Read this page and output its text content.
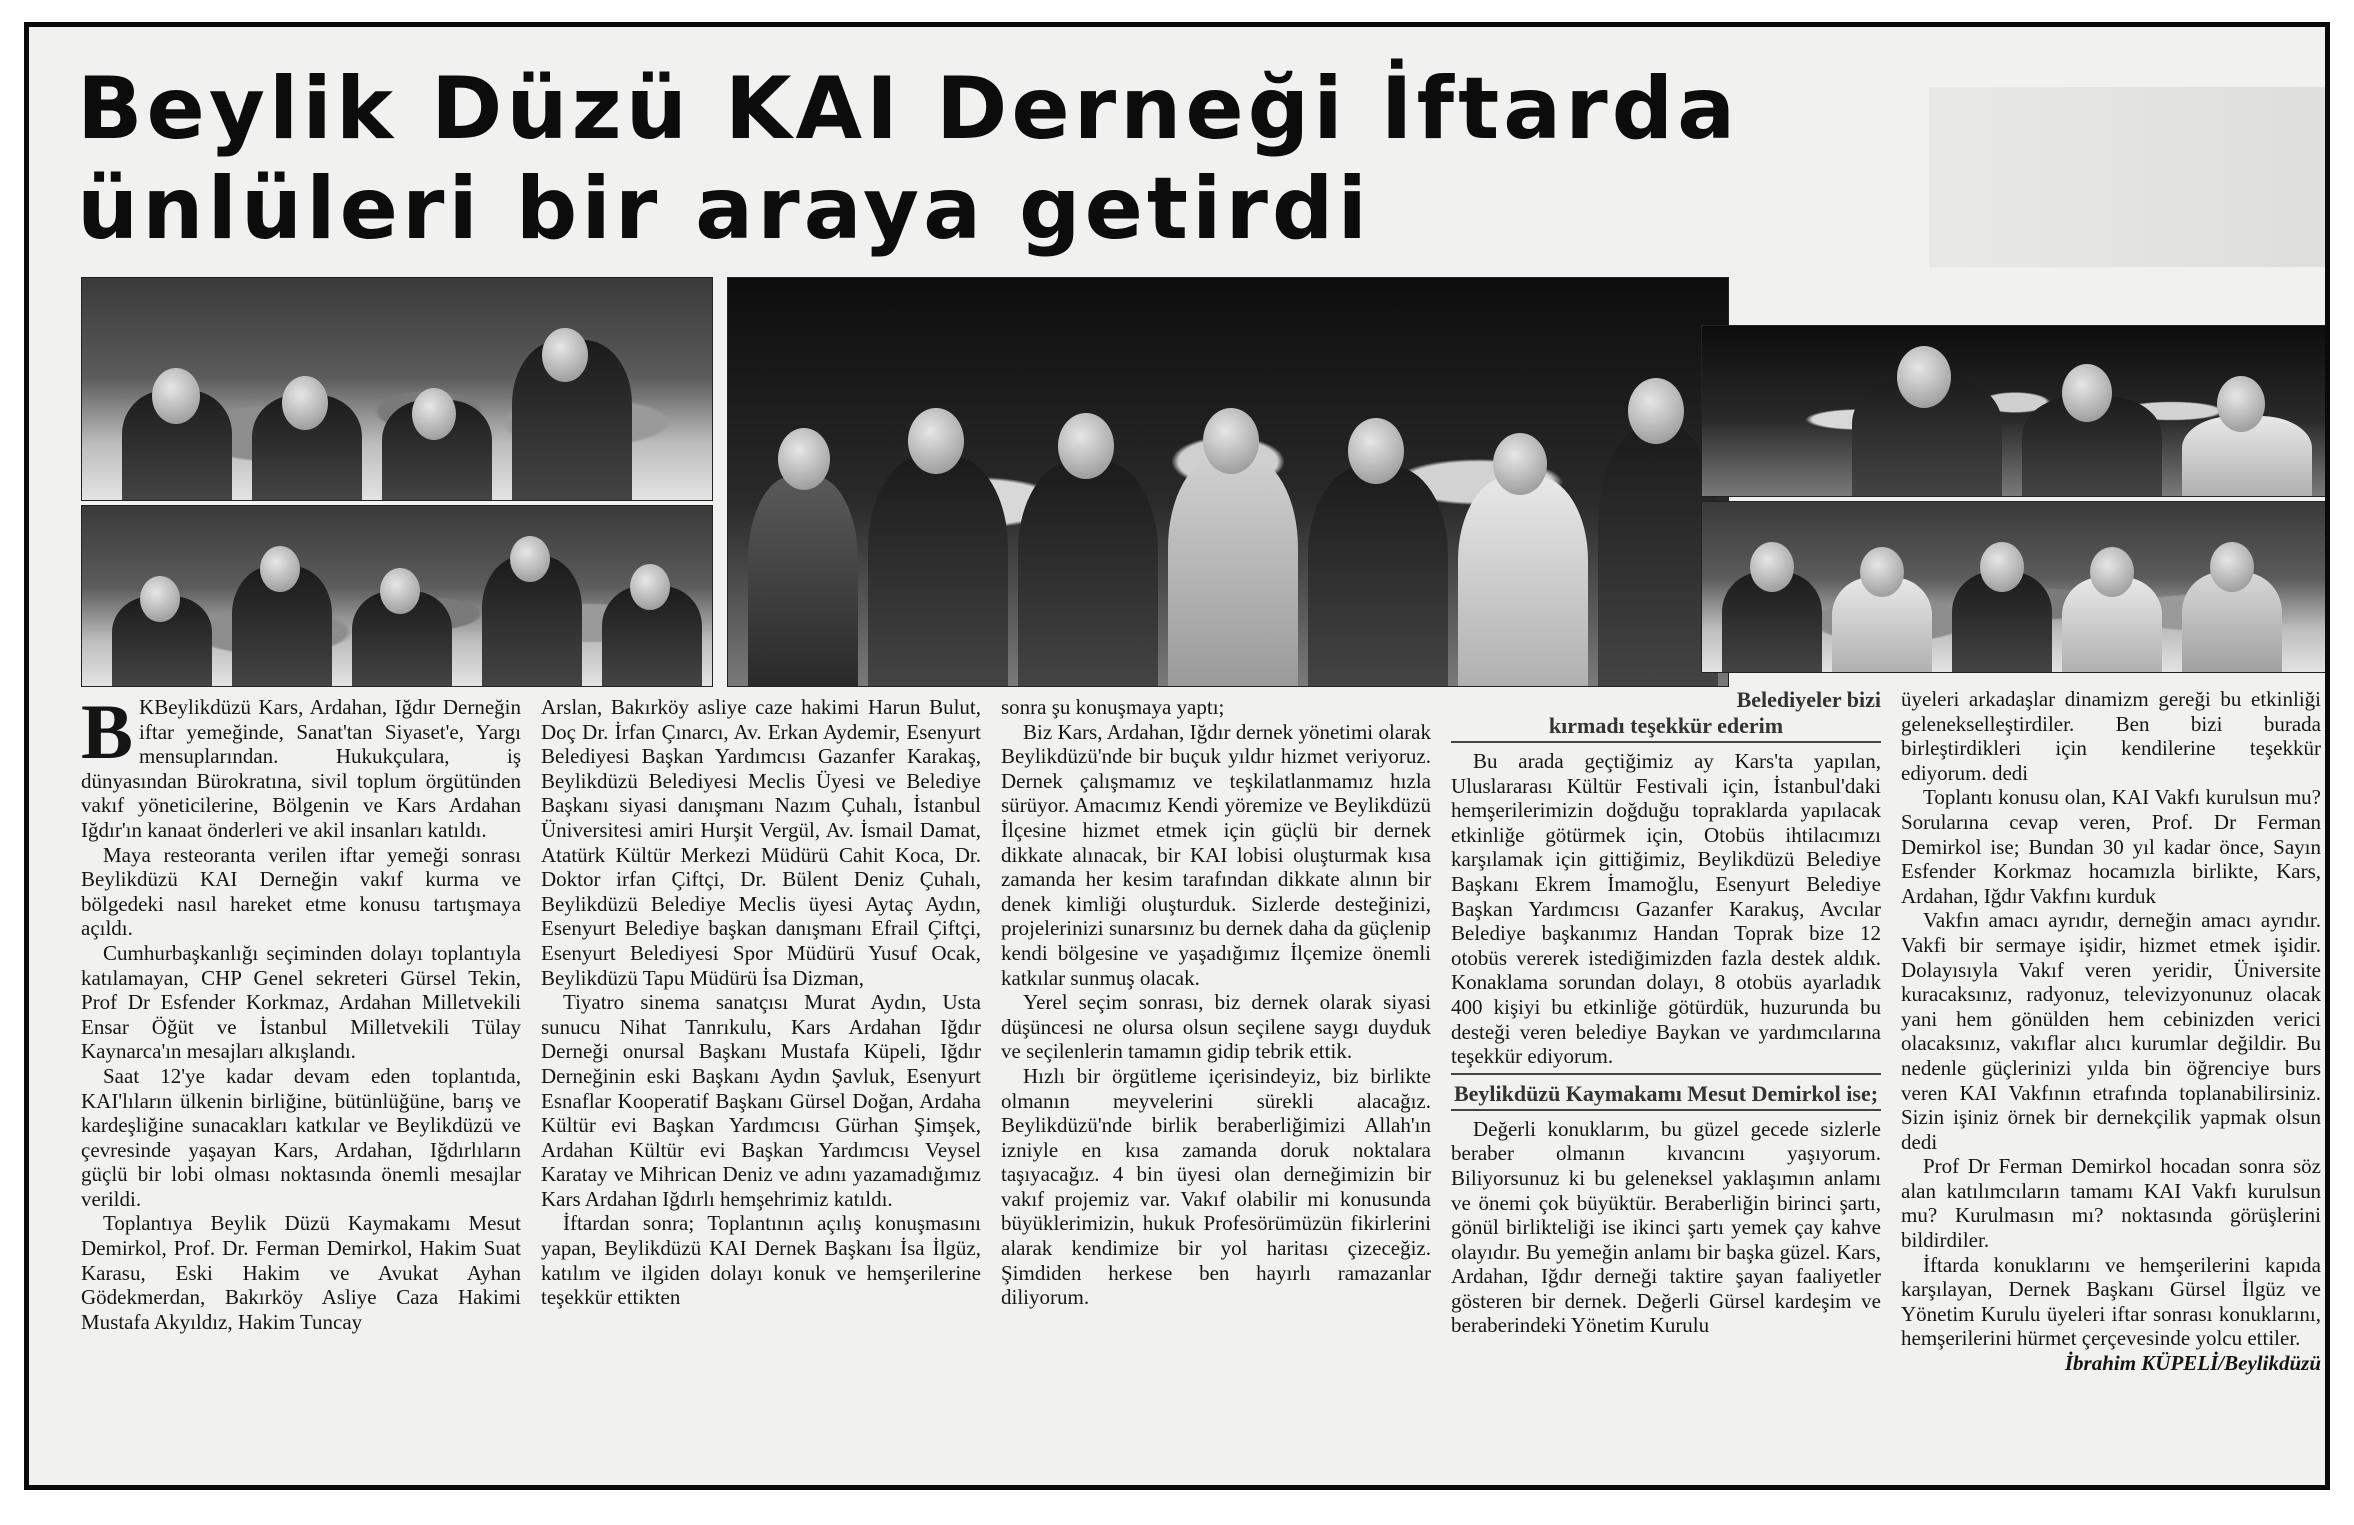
Beylik Düzü KAI Derneği İftarda
ünlüleri bir araya getirdi

B KBeylikdüzü Kars, Ardahan, Iğdır Derneğin iftar yemeğinde, Sanat'tan Siyaset'e, Yargı mensuplarından. Hukukçulara, iş dünyasından Bürokratına, sivil toplum örgütünden vakıf yöneticilerine, Bölgenin ve Kars Ardahan Iğdır'ın kanaat önderleri ve akil insanları katıldı.

Maya resteoranta verilen iftar yemeği sonrası Beylikdüzü KAI Derneğin vakıf kurma ve bölgedeki nasıl hareket etme konusu tartışmaya açıldı.

Cumhurbaşkanlığı seçiminden dolayı toplantıyla katılamayan, CHP Genel sekreteri Gürsel Tekin, Prof Dr Esfender Korkmaz, Ardahan Milletvekili Ensar Öğüt ve İstanbul Milletvekili Tülay Kaynarca'ın mesajları alkışlandı.

Saat 12'ye kadar devam eden toplantıda, KAI'lıların ülkenin birliğine, bütünlüğüne, barış ve kardeşliğine sunacakları katkılar ve Beylikdüzü ve çevresinde yaşayan Kars, Ardahan, Iğdırlıların güçlü bir lobi olması noktasında önemli mesajlar verildi.

Toplantıya Beylik Düzü Kaymakamı Mesut Demirkol, Prof. Dr. Ferman Demirkol, Hakim Suat Karasu, Eski Hakim ve Avukat Ayhan Gödekmerdan, Bakırköy Asliye Caza Hakimi Mustafa Akyıldız, Hakim Tuncay

Arslan, Bakırköy asliye caze hakimi Harun Bulut, Doç Dr. İrfan Çınarcı, Av. Erkan Aydemir, Esenyurt Belediyesi Başkan Yardımcısı Gazanfer Karakaş, Beylikdüzü Belediyesi Meclis Üyesi ve Belediye Başkanı siyasi danışmanı Nazım Çuhalı, İstanbul Üniversitesi amiri Hurşit Vergül, Av. İsmail Damat, Atatürk Kültür Merkezi Müdürü Cahit Koca, Dr. Doktor irfan Çiftçi, Dr. Bülent Deniz Çuhalı, Beylikdüzü Belediye Meclis üyesi Aytaç Aydın, Esenyurt Belediye başkan danışmanı Efrail Çiftçi, Esenyurt Belediyesi Spor Müdürü Yusuf Ocak, Beylikdüzü Tapu Müdürü İsa Dizman,

Tiyatro sinema sanatçısı Murat Aydın, Usta sunucu Nihat Tanrıkulu, Kars Ardahan Iğdır Derneği onursal Başkanı Mustafa Küpeli, Iğdır Derneğinin eski Başkanı Aydın Şavluk, Esenyurt Esnaflar Kooperatif Başkanı Gürsel Doğan, Ardaha Kültür evi Başkan Yardımcısı Gürhan Şimşek, Ardahan Kültür evi Başkan Yardımcısı Veysel Karatay ve Mihrican Deniz ve adını yazamadığımız Kars Ardahan Iğdırlı hemşehrimiz katıldı.

İftardan sonra; Toplantının açılış konuşmasını yapan, Beylikdüzü KAI Dernek Başkanı İsa İlgüz, katılım ve ilgiden dolayı konuk ve hemşerilerine teşekkür ettikten

sonra şu konuşmaya yaptı;

Biz Kars, Ardahan, Iğdır dernek yönetimi olarak Beylikdüzü'nde bir buçuk yıldır hizmet veriyoruz. Dernek çalışmamız ve teşkilatlanmamız hızla sürüyor. Amacımız Kendi yöremize ve Beylikdüzü İlçesine hizmet etmek için güçlü bir dernek dikkate alınacak, bir KAI lobisi oluşturmak kısa zamanda her kesim tarafından dikkate alının bir denek kimliği oluşturduk. Sizlerde desteğinizi, projelerinizi sunarsınız bu dernek daha da güçlenip kendi bölgesine ve yaşadığımız İlçemize önemli katkılar sunmuş olacak.

Yerel seçim sonrası, biz dernek olarak siyasi düşüncesi ne olursa olsun seçilene saygı duyduk ve seçilenlerin tamamın gidip tebrik ettik.

Hızlı bir örgütleme içerisindeyiz, biz birlikte olmanın meyvelerini sürekli alacağız. Beylikdüzü'nde birlik beraberliğimizi Allah'ın izniyle en kısa zamanda doruk noktalara taşıyacağız. 4 bin üyesi olan derneğimizin bir vakıf projemiz var. Vakıf olabilir mi konusunda büyüklerimizin, hukuk Profesörümüzün fikirlerini alarak kendimize bir yol haritası çizeceğiz. Şimdiden herkese ben hayırlı ramazanlar diliyorum.

Belediyeler bizi
kırmadı teşekkür ederim

Bu arada geçtiğimiz ay Kars'ta yapılan, Uluslararası Kültür Festivali için, İstanbul'daki hemşerilerimizin doğduğu topraklarda yapılacak etkinliğe götürmek için, Otobüs ihtilacımızı karşılamak için gittiğimiz, Beylikdüzü Belediye Başkanı Ekrem İmamoğlu, Esenyurt Belediye Başkan Yardımcısı Gazanfer Karakuş, Avcılar Belediye başkanımız Handan Toprak bize 12 otobüs vererek istediğimizden fazla destek aldık. Konaklama sorundan dolayı, 8 otobüs ayarladık 400 kişiyi bu etkinliğe götürdük, huzurunda bu desteği veren belediye Baykan ve yardımcılarına teşekkür ediyorum.

Beylikdüzü Kaymakamı Mesut Demirkol ise;

Değerli konuklarım, bu güzel gecede sizlerle beraber olmanın kıvancını yaşıyorum. Biliyorsunuz ki bu geleneksel yaklaşımın anlamı ve önemi çok büyüktür. Beraberliğin birinci şartı, gönül birlikteliği ise ikinci şartı yemek çay kahve olayıdır. Bu yemeğin anlamı bir başka güzel. Kars, Ardahan, Iğdır derneği taktire şayan faaliyetler gösteren bir dernek. Değerli Gürsel kardeşim ve beraberindeki Yönetim Kurulu

üyeleri arkadaşlar dinamizm gereği bu etkinliği gelenekselleştirdiler. Ben bizi burada birleştirdikleri için kendilerine teşekkür ediyorum. dedi

Toplantı konusu olan, KAI Vakfı kurulsun mu? Sorularına cevap veren, Prof. Dr Ferman Demirkol ise; Bundan 30 yıl kadar önce, Sayın Esfender Korkmaz hocamızla birlikte, Kars, Ardahan, Iğdır Vakfını kurduk

Vakfın amacı ayrıdır, derneğin amacı ayrıdır. Vakfi bir sermaye işidir, hizmet etmek işidir. Dolayısıyla Vakıf veren yeridir, Üniversite kuracaksınız, radyonuz, televizyonunuz olacak yani hem gönülden hem cebinizden verici olacaksınız, vakıflar alıcı kurumlar değildir. Bu nedenle güçlerinizi yılda bin öğrenciye burs veren KAI Vakfının etrafında toplanabilirsiniz. Sizin işiniz örnek bir dernekçilik yapmak olsun dedi

Prof Dr Ferman Demirkol hocadan sonra söz alan katılımcıların tamamı KAI Vakfı kurulsun mu? Kurulmasın mı? noktasında görüşlerini bildirdiler.

İftarda konuklarını ve hemşerilerini kapıda karşılayan, Dernek Başkanı Gürsel İlgüz ve Yönetim Kurulu üyeleri iftar sonrası konuklarını, hemşerilerini hürmet çerçevesinde yolcu ettiler.

İbrahim KÜPELİ/Beylikdüzü
